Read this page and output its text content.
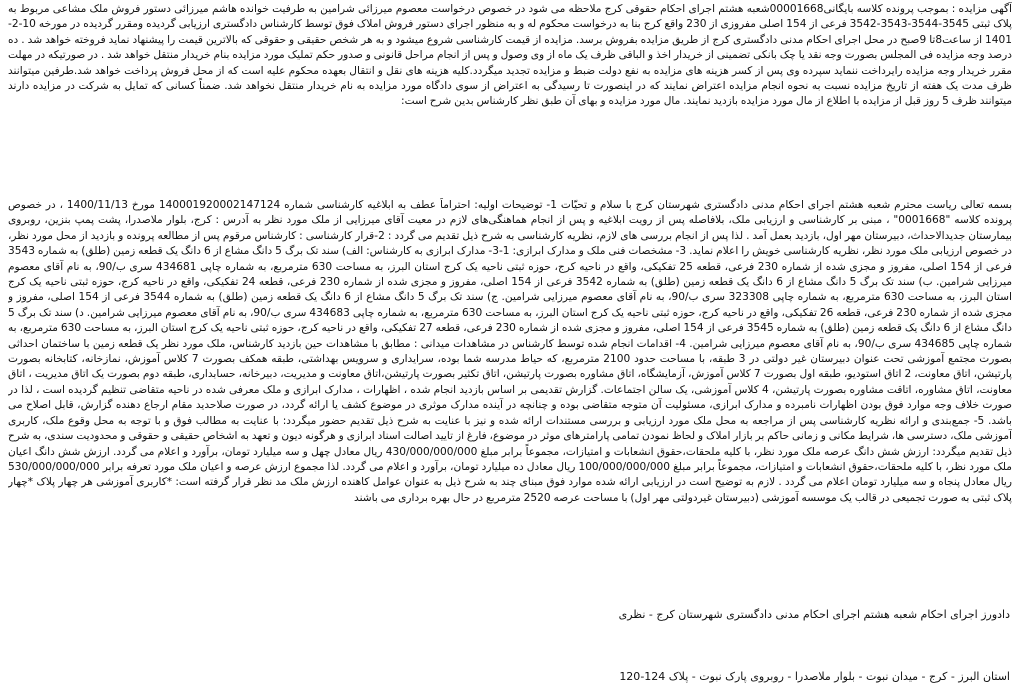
آگهی مزایده : بموجب پرونده کلاسه بایگانی00001668شعبه هشتم اجرای احکام حقوقی کرج ملاحظه می شود در خصوص درخواست معصوم میرزائی شرامین به طرفیت خوانده هاشم میرزائی دستور فروش ملک مشاعی مربوط به پلاک ثبتی 3545-3544-3543-3542 فرعی از 154 اصلی مفروزی از 230 واقع کرج بنا به درخواست محکوم له و به منظور اجرای دستور فروش املاک فوق توسط کارشناس دادگستری ارزیابی گردیده ومقرر گردیده در مورخه 10-2-1401 از ساعت8تا 9صبح در محل اجرای احکام مدنی دادگستری کرج از طریق مزایده بفروش برسد. مزایده از قیمت کارشناسی شروع میشود و به هر شخص حقیقی و حقوقی که بالاترین قیمت را پیشنهاد نماید فروخته خواهد شد . ده درصد وجه مزایده فی المجلس بصورت وجه نقد یا چک بانکی تضمینی از خریدار اخذ و الباقی ظرف یک ماه از وی وصول و پس از انجام مراحل قانونی و صدور حکم تملیک مورد مزایده بنام خریدار منتقل خواهد شد . در صورتیکه در مهلت مقرر خریدار وجه مزایده رایرداخت ننماید سپرده وی پس از کسر هزینه های مزایده به نفع دولت ضبط و مزایده تجدید میگردد.کلیه هزینه های نقل و انتقال بعهده محکوم علیه است که از محل فروش پرداخت خواهد شد.طرفین میتوانند ظرف مدت یک هفته از تاریخ مزایده نسبت به نحوه انجام مزایده اعتراض نمایند که در اینصورت تا رسیدگی به اعتراض از سوی دادگاه مورد مزایده به نام خریدار منتقل نخواهد شد. ضمناً کسانی که تمایل به شرکت در مزایده دارند میتوانند ظرف 5 روز قبل از مزایده با اطلاع از مال مورد مزایده بازدید نمایند. مال مورد مزایده و بهای آن طبق نظر کارشناس بدین شرح است:

بسمه تعالی ریاست محترم شعبه هشتم اجرای احکام مدنی دادگستری شهرستان کرج با سلام و تحیّات 1- توضیحات اولیه: احتراماً عطف به ابلاغیه کارشناسی شماره 140001920002147124 مورخ 1400/11/13 ، در خصوص پرونده کلاسه "0001668" ، مبنی بر کارشناسی و ارزیابی ملک، بلافاصله پس از رویت ابلاغیه و پس از انجام هماهنگی‌های لازم در معیت آقای میرزایی از ملک مورد نظر به آدرس : کرج، بلوار ملاصدرا، پشت پمپ بنزین، روبروی بیمارستان جدیدالاحداث، دبیرستان مهر اول، بازدید بعمل آمد . لذا پس از انجام بررسی های لازم، نظریه کارشناسی به شرح ذیل تقدیم می گردد : 2-قرار کارشناسی : کارشناس مرقوم پس از مطالعه پرونده و بازدید از محل مورد نظر، در خصوص ارزیابی ملک مورد نظر، نظریه کارشناسی خویش را اعلام نماید. 3- مشخصات فنی ملک و مدارک ابرازی: 1-3- مدارک ابرازی به کارشناس: الف) سند تک برگ 5 دانگ مشاع از 6 دانگ یک قطعه زمین (طلق) به شماره 3543 فرعی از 154 اصلی، مفروز و مجزی شده از شماره 230 فرعی، قطعه 25 تفکیکی، واقع در ناحیه کرج، حوزه ثبتی ناحیه یک کرج استان البرز، به مساحت 630 مترمربع، به شماره چاپی 434681 سری ب/90، به نام آقای معصوم میرزایی شرامین. ب) سند تک برگ 5 دانگ مشاع از 6 دانگ یک قطعه زمین (طلق) به شماره 3542 فرعی از 154 اصلی، مفروز و مجزی شده از شماره 230 فرعی، قطعه 24 تفکیکی، واقع در ناحیه کرج، حوزه ثبتی ناحیه یک کرج استان البرز، به مساحت 630 مترمربع، به شماره چاپی 323308 سری ب/90، به نام آقای معصوم میرزایی شرامین. ج) سند تک برگ 5 دانگ مشاع از 6 دانگ یک قطعه زمین (طلق) به شماره 3544 فرعی از 154 اصلی، مفروز و مجزی شده از شماره 230 فرعی، قطعه 26 تفکیکی، واقع در ناحیه کرج، حوزه ثبتی ناحیه یک کرج استان البرز، به مساحت 630 مترمربع، به شماره چاپی 434683 سری ب/90، به نام آقای معصوم میرزایی شرامین. د) سند تک برگ 5 دانگ مشاع از 6 دانگ یک قطعه زمین (طلق) به شماره 3545 فرعی از 154 اصلی، مفروز و مجزی شده از شماره 230 فرعی، قطعه 27 تفکیکی، واقع در ناحیه کرج، حوزه ثبتی ناحیه یک کرج استان البرز، به مساحت 630 مترمربع، به شماره چاپی 434685 سری ب/90، به نام آقای معصوم میرزایی شرامین. 4- اقدامات انجام شده توسط کارشناس در مشاهدات میدانی : مطابق با مشاهدات حین بازدید کارشناس، ملک مورد نظر یک قطعه زمین با ساختمان احداثی بصورت مجتمع آموزشی تحت عنوان دبیرستان غیر دولتی در 3 طبقه، با مساحت حدود 2100 مترمربع، که حیاط مدرسه شما بوده، سرایداری و سرویس بهداشتی، طبقه همکف بصورت 7 کلاس آموزش، نمازخانه، کتابخانه بصورت پارتیشن، اتاق معاونت، 2 اتاق استودیو، طبقه اول بصورت 7 کلاس آموزش، آزمایشگاه، اتاق مشاوره بصورت پارتیشن، اتاق تکثیر بصورت پارتیشن،اتاق معاونت و مدیریت، دبیرخانه، حسابداری، طبقه دوم بصورت یک اتاق مدیریت ، اتاق معاونت، اتاق مشاوره، اتاقت مشاوره بصورت پارتیشن، 4 کلاس آموزشی، یک سالن اجتماعات. گزارش تقدیمی بر اساس بازدید انجام شده ، اظهارات ، مدارک ابرازی و ملک معرفی شده در ناحیه متقاضی تنظیم گردیده است ، لذا در صورت خلاف وجه موارد فوق بودن اظهارات نامبرده و مدارک ابرازی، مسئولیت آن متوجه متقاضی بوده و چنانچه در آینده مدارک موثری در موضوع کشف یا ارائه گردد، در صورت صلاحدید مقام ارجاع دهنده گزارش، قابل اصلاح می باشد. 5- جمع‌بندی و ارائه نظریه کارشناسی پس از مراجعه به محل ملک مورد ارزیابی و بررسی مستندات ارائه شده و نیز با عنایت به شرح ذیل تقدیم حضور میگردد: با عنایت به مطالب فوق و با توجه به محل وقوع ملک، کاربری آموزشی ملک، دسترسی ها، شرایط مکانی و زمانی حاکم بر بازار املاک و لحاظ نمودن تمامی پارامترهای موثر در موضوع، فارغ از تایید اصالت اسناد ابرازی و هرگونه دیون و تعهد به اشخاص حقیقی و حقوقی و محدودیت سندی، به شرح ذیل تقدیم میگردد: ارزش شش دانگ عرصه ملک مورد نظر، با کلیه ملحقات،حقوق انشعابات و امتیازات، مجموعاً برابر مبلغ 430/000/000/000 ریال معادل چهل و سه میلیارد تومان، برآورد و اعلام می گردد. ارزش شش دانگ اعیان ملک مورد نظر، با کلیه ملحقات،حقوق انشعابات و امتیازات، مجموعاً برابر مبلغ 100/000/000/000 ریال معادل ده میلیارد تومان، برآورد و اعلام می گردد. لذا مجموع ارزش عرصه و اعیان ملک مورد تعرفه برابر 530/000/000/000 ریال معادل پنجاه و سه میلیارد تومان اعلام می گردد . لازم به توضیح است در ارزیابی ارائه شده موارد فوق مبنای چند به شرح ذیل به عنوان عوامل کاهنده ارزش ملک مد نظر قرار گرفته است: *کاربری آموزشی هر چهار پلاک *چهار پلاک ثبتی به صورت تجمیعی در قالب یک موسسه آموزشی (دبیرستان غیردولتی مهر اول) با مساحت عرصه 2520 مترمربع در حال بهره برداری می باشند

دادورز اجرای احکام شعبه هشتم اجرای احکام مدنی دادگستری شهرستان کرج - نظری

استان البرز - کرج - میدان نبوت - بلوار ملاصدرا - روبروی پارک نبوت - پلاک 124-120
